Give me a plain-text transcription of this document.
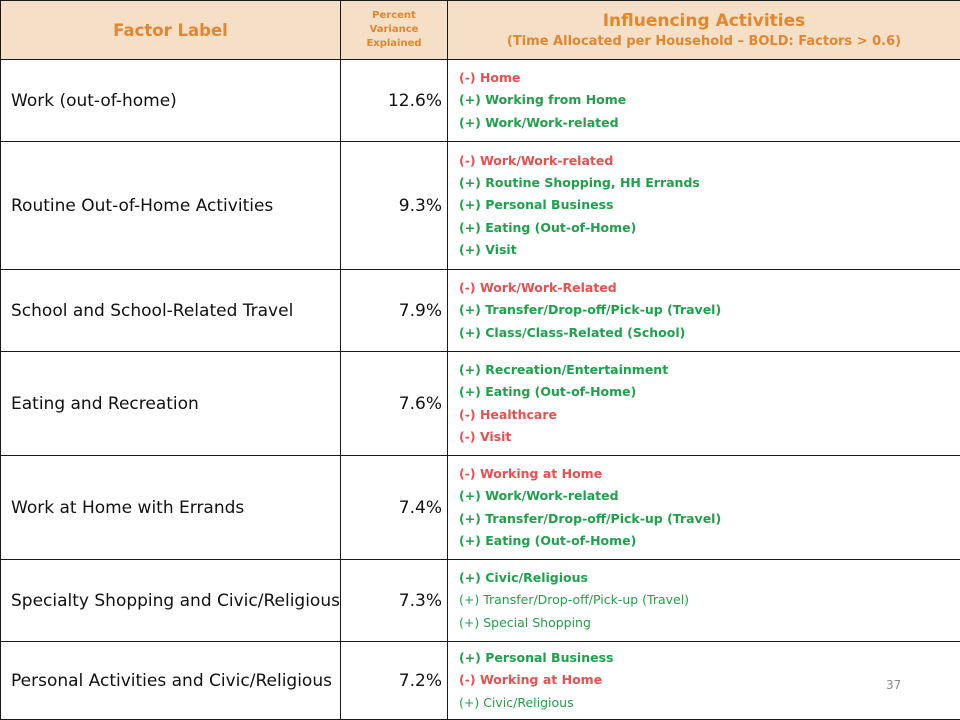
Factor Label	Percent
Variance
Explained	Influencing Activities
(Time Allocated per Household – BOLD: Factors > 0.6)

Work (out-of-home)	12.6%	(-) Home
(+) Working from Home
(+) Work/Work-related

Routine Out-of-Home Activities	9.3%	(-) Work/Work-related
(+) Routine Shopping, HH Errands
(+) Personal Business
(+) Eating (Out-of-Home)
(+) Visit

School and School-Related Travel	7.9%	(-) Work/Work-Related
(+) Transfer/Drop-off/Pick-up (Travel)
(+) Class/Class-Related (School)

Eating and Recreation	7.6%	(+) Recreation/Entertainment
(+) Eating (Out-of-Home)
(-) Healthcare
(-) Visit

Work at Home with Errands	7.4%	(-) Working at Home
(+) Work/Work-related
(+) Transfer/Drop-off/Pick-up (Travel)
(+) Eating (Out-of-Home)

Specialty Shopping and Civic/Religious	7.3%	(+) Civic/Religious
(+) Transfer/Drop-off/Pick-up (Travel)
(+) Special Shopping

Personal Activities and Civic/Religious	7.2%	(+) Personal Business
(-) Working at Home
(+) Civic/Religious
37
